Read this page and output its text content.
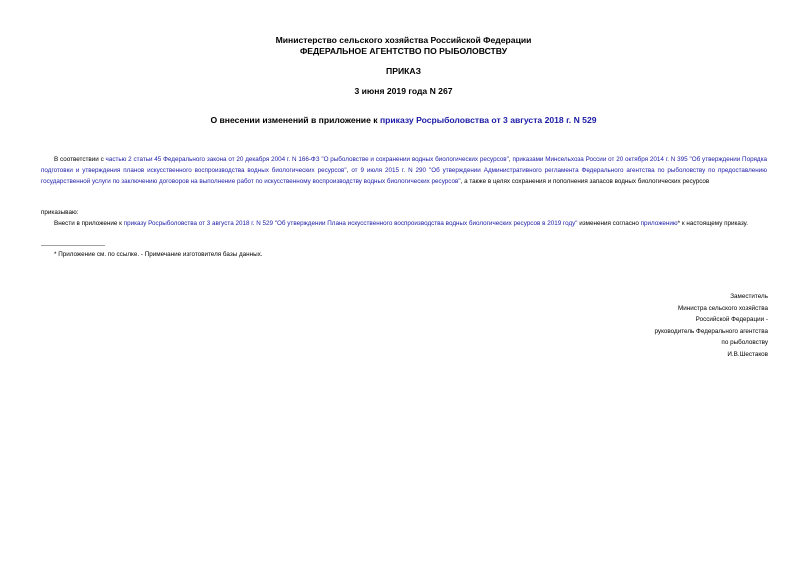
Министерство сельского хозяйства Российской Федерации
ФЕДЕРАЛЬНОЕ АГЕНТСТВО ПО РЫБОЛОВСТВУ
ПРИКАЗ
3 июня 2019 года N 267
О внесении изменений в приложение к приказу Росрыболовства от 3 августа 2018 г. N 529

В соответствии с частью 2 статьи 45 Федерального закона от 20 декабря 2004 г. N 166-ФЗ "О рыболовстве и сохранении водных биологических ресурсов", приказами Минсельхоза России от 20 октября 2014 г. N 395 "Об утверждении Порядка подготовки и утверждения планов искусственного воспроизводства водных биологических ресурсов", от 9 июля 2015 г. N 290 "Об утверждении Административного регламента Федерального агентства по рыболовству по предоставлению государственной услуги по заключению договоров на выполнение работ по искусственному воспроизводству водных биологических ресурсов", а также в целях сохранения и пополнения запасов водных биологических ресурсов

приказываю:

Внести в приложение к приказу Росрыболовства от 3 августа 2018 г. N 529 "Об утверждении Плана искусственного воспроизводства водных биологических ресурсов в 2019 году" изменения согласно приложению* к настоящему приказу.

* Приложение см. по ссылке. - Примечание изготовителя базы данных.

Заместитель
Министра сельского хозяйства
Российской Федерации -
руководитель Федерального агентства
по рыболовству
И.В.Шестаков
